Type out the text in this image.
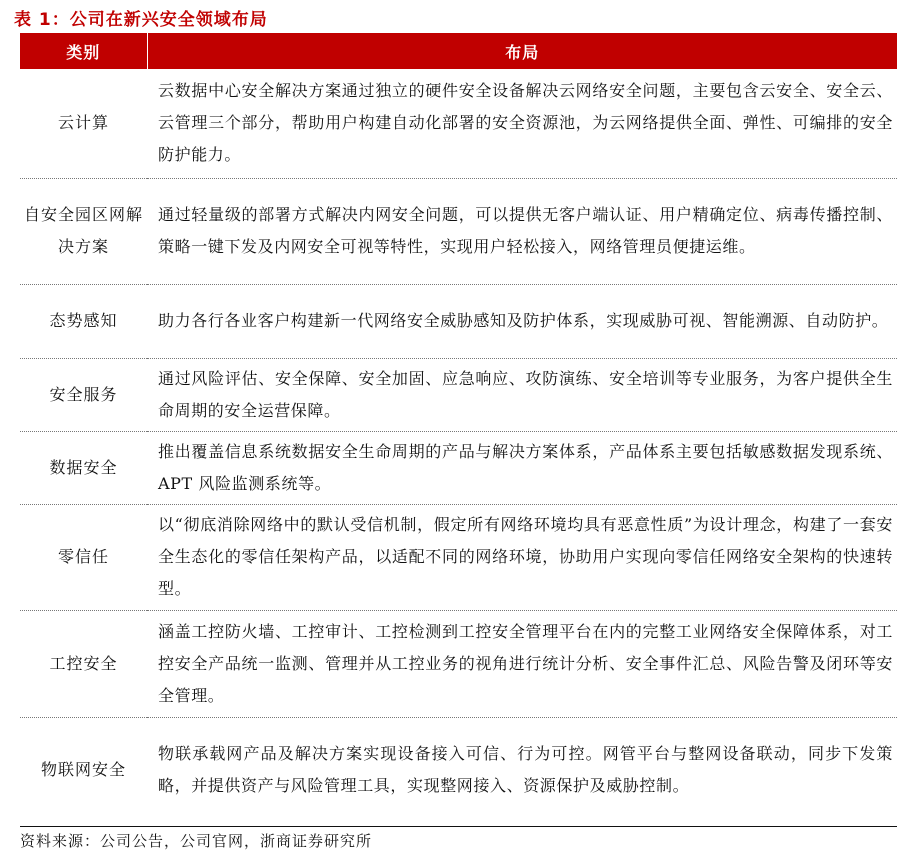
表 1：公司在新兴安全领域布局
类别	布局
云计算	云数据中心安全解决方案通过独立的硬件安全设备解决云网络安全问题，主要包含云安全、安全云、云管理三个部分，帮助用户构建自动化部署的安全资源池，为云网络提供全面、弹性、可编排的安全防护能力。
自安全园区网解决方案	通过轻量级的部署方式解决内网安全问题，可以提供无客户端认证、用户精确定位、病毒传播控制、策略一键下发及内网安全可视等特性，实现用户轻松接入，网络管理员便捷运维。
态势感知	助力各行各业客户构建新一代网络安全威胁感知及防护体系，实现威胁可视、智能溯源、自动防护。
安全服务	通过风险评估、安全保障、安全加固、应急响应、攻防演练、安全培训等专业服务，为客户提供全生命周期的安全运营保障。
数据安全	推出覆盖信息系统数据安全生命周期的产品与解决方案体系，产品体系主要包括敏感数据发现系统、 APT 风险监测系统等。
零信任	以“彻底消除网络中的默认受信机制，假定所有网络环境均具有恶意性质”为设计理念，构建了一套安全生态化的零信任架构产品，以适配不同的网络环境，协助用户实现向零信任网络安全架构的快速转型。
工控安全	涵盖工控防火墙、工控审计、工控检测到工控安全管理平台在内的完整工业网络安全保障体系，对工控安全产品统一监测、管理并从工控业务的视角进行统计分析、安全事件汇总、风险告警及闭环等安全管理。
物联网安全	物联承载网产品及解决方案实现设备接入可信、行为可控。网管平台与整网设备联动，同步下发策略，并提供资产与风险管理工具，实现整网接入、资源保护及威胁控制。
资料来源：公司公告，公司官网，浙商证券研究所
